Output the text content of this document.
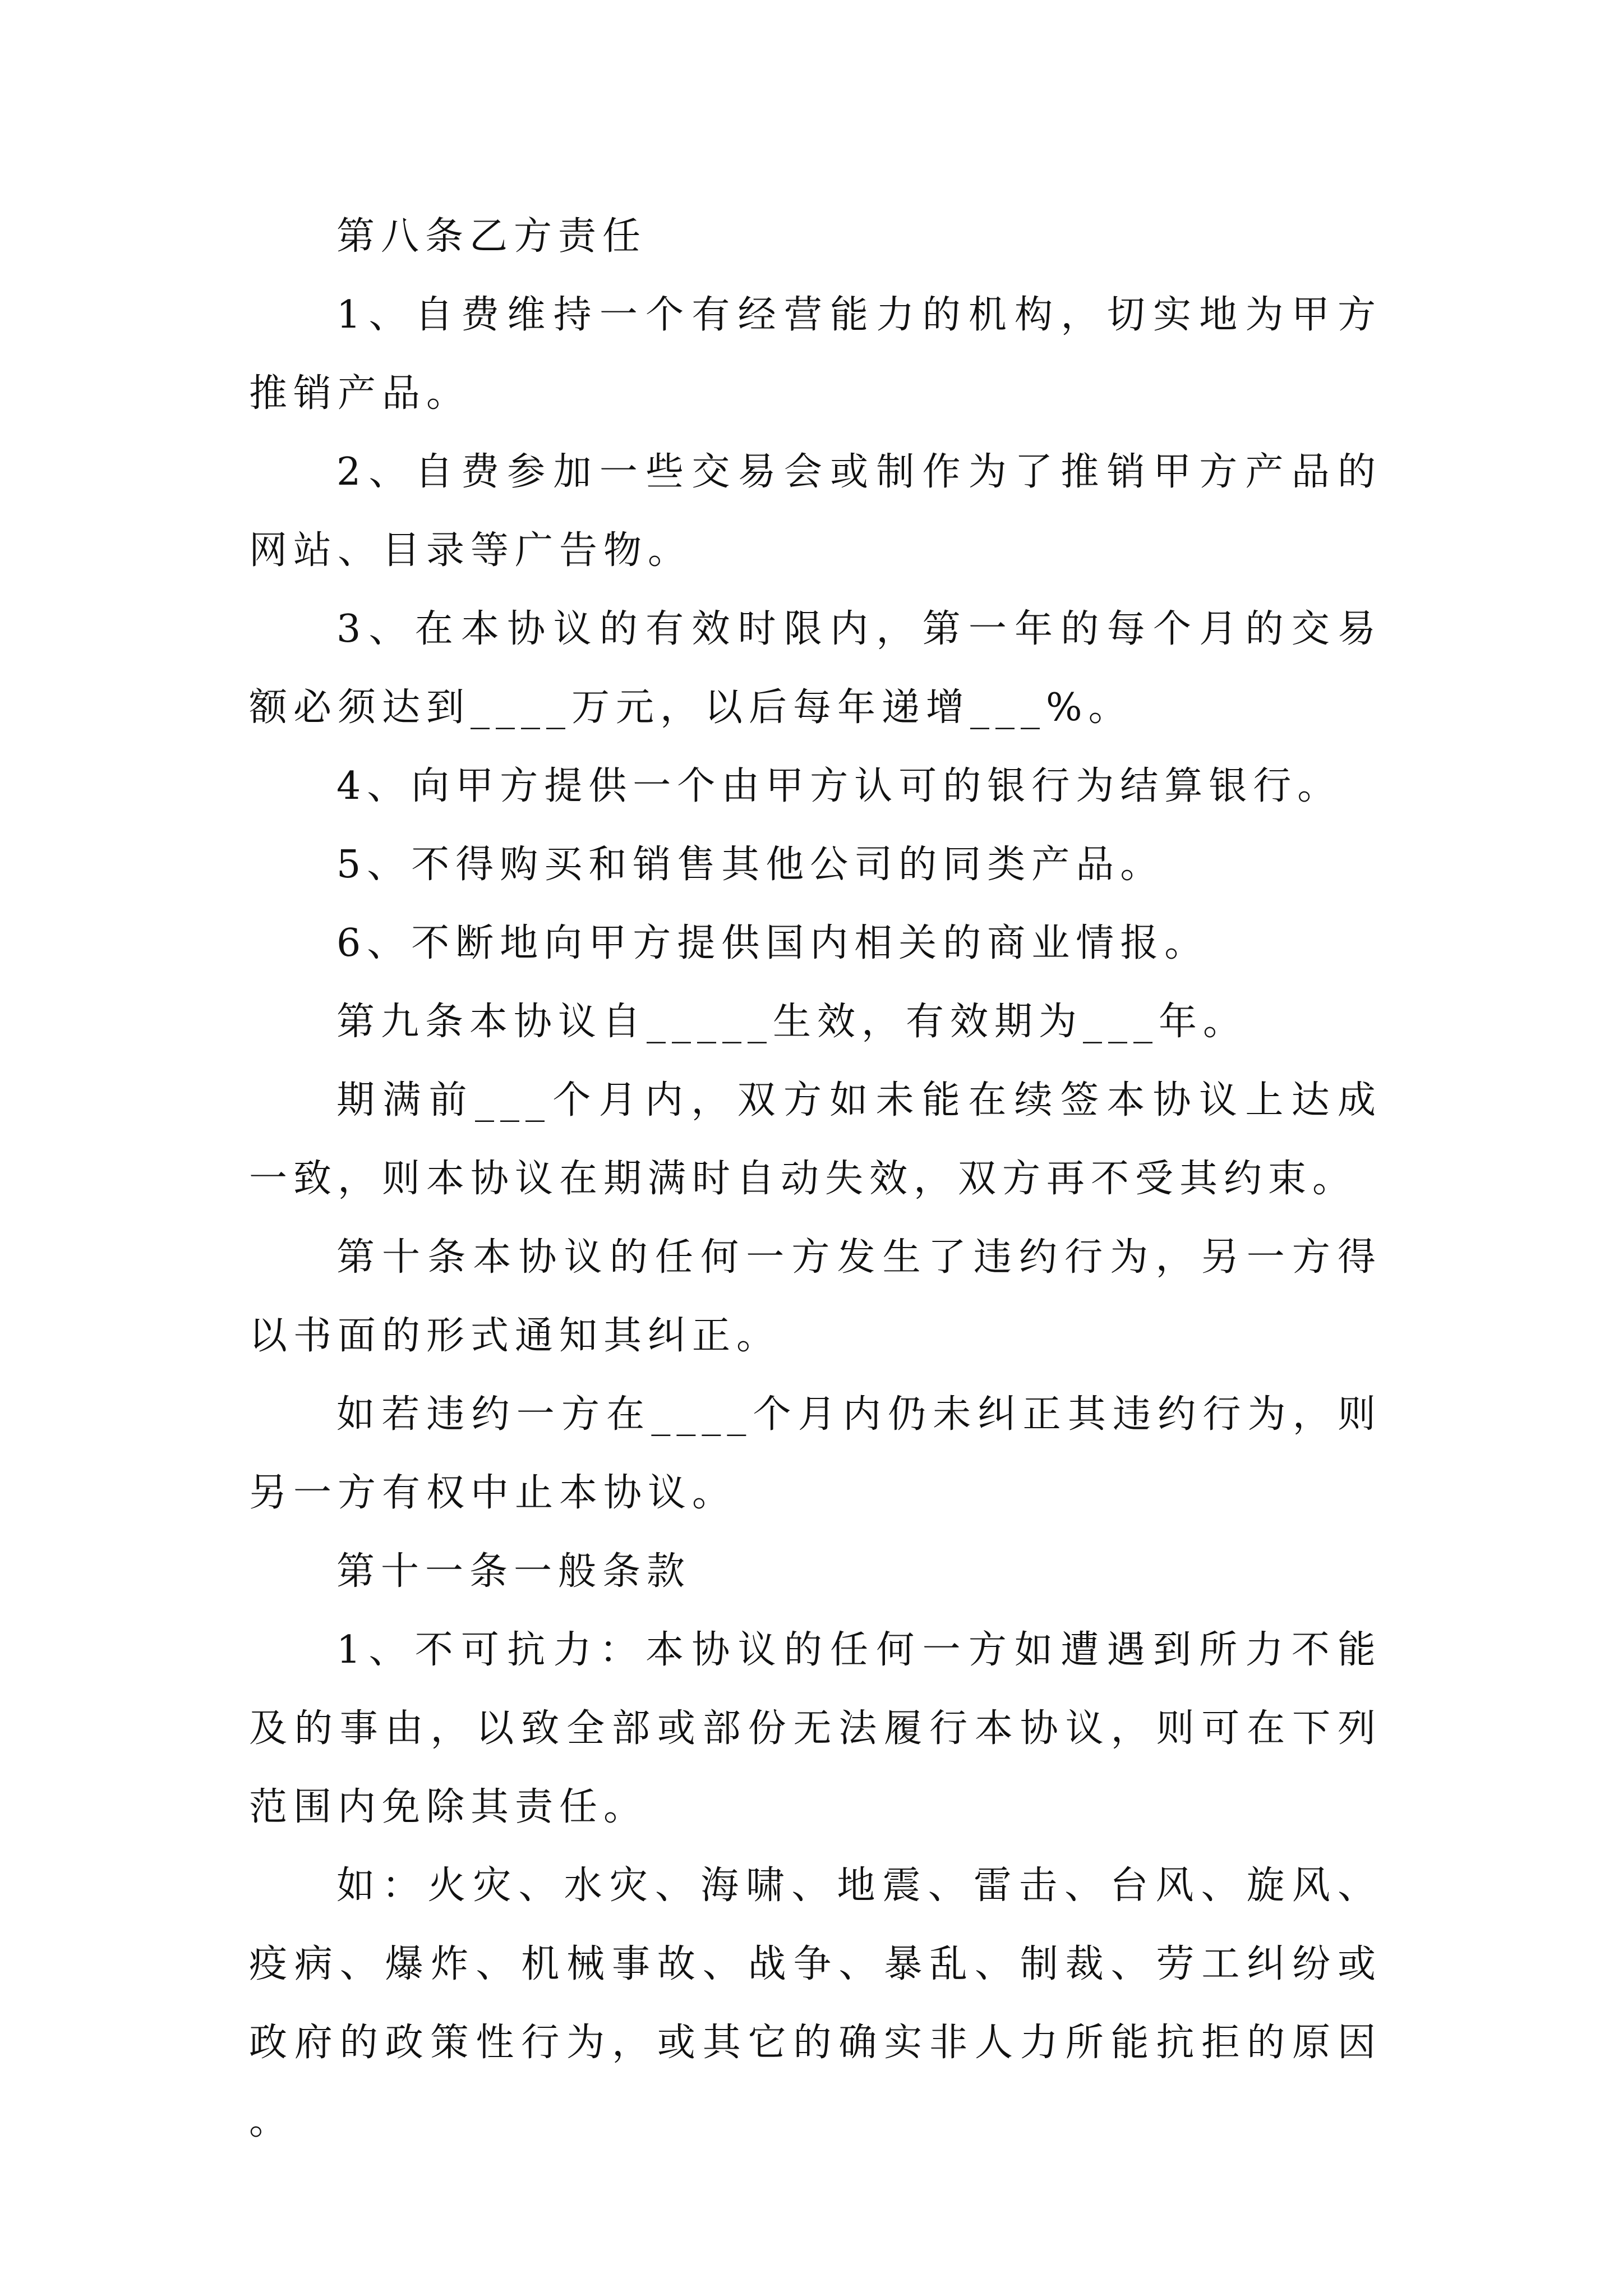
第八条乙方责任

1、自费维持一个有经营能力的机构，切实地为甲方推销产品。

2、自费参加一些交易会或制作为了推销甲方产品的网站、目录等广告物。

3、在本协议的有效时限内，第一年的每个月的交易额必须达到____万元，以后每年递增___%。

4、向甲方提供一个由甲方认可的银行为结算银行。

5、不得购买和销售其他公司的同类产品。

6、不断地向甲方提供国内相关的商业情报。

第九条本协议自_____生效，有效期为___年。

期满前___个月内，双方如未能在续签本协议上达成一致，则本协议在期满时自动失效，双方再不受其约束。

第十条本协议的任何一方发生了违约行为，另一方得以书面的形式通知其纠正。

如若违约一方在____个月内仍未纠正其违约行为，则另一方有权中止本协议。

第十一条一般条款

1、不可抗力：本协议的任何一方如遭遇到所力不能及的事由，以致全部或部份无法履行本协议，则可在下列范围内免除其责任。

如：火灾、水灾、海啸、地震、雷击、台风、旋风、疫病、爆炸、机械事故、战争、暴乱、制裁、劳工纠纷或政府的政策性行为，或其它的确实非人力所能抗拒的原因。
